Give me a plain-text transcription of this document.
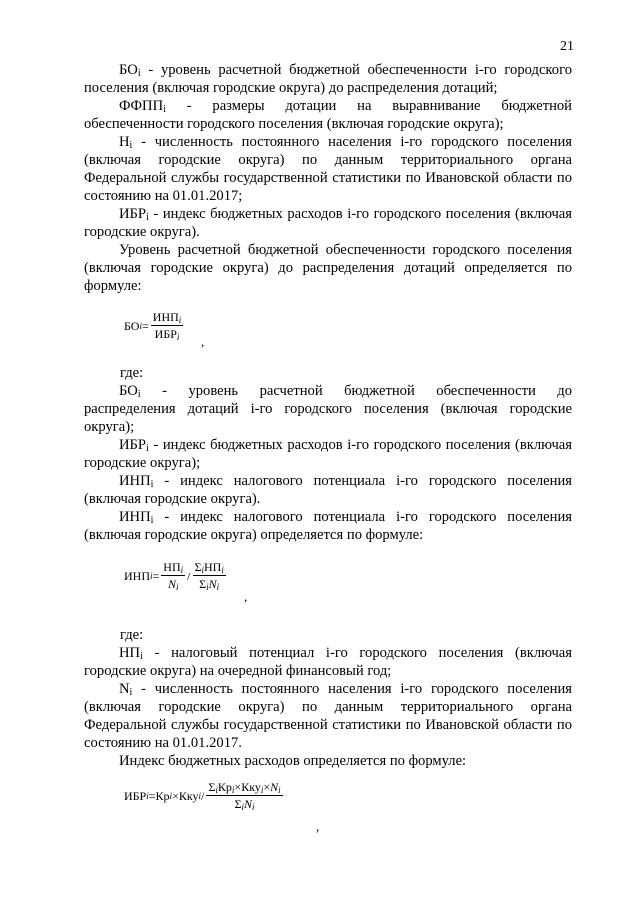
21

$БО_i$ - уровень расчетной бюджетной обеспеченности i-го городского поселения (включая городские округа) до распределения дотаций;

$ФФПП_i$ - размеры дотации на выравнивание бюджетной обеспеченности городского поселения (включая городские округа);

$Н_i$ - численность постоянного населения i-го городского поселения (включая городские округа) по данным территориального органа Федеральной службы государственной статистики по Ивановской области по состоянию на 01.01.2017;

$ИБР_i$ - индекс бюджетных расходов i-го городского поселения (включая городские округа).

Уровень расчетной бюджетной обеспеченности городского поселения (включая городские округа) до распределения дотаций определяется по формуле:

БО $i = \frac{\text{ИНПi}}{\text{ИБРi}}$
,
где:

$БО_i$ - уровень расчетной бюджетной обеспеченности до

распределения дотаций i-го городского поселения (включая городские округа);

$ИБР_i$ - индекс бюджетных расходов i-го городского поселения (включая городские округа);

$ИНП_i$ - индекс налогового потенциала i-го городского поселения (включая городские округа).

$ИНП_i$ - индекс налогового потенциала i-го городского поселения (включая городские округа) определяется по формуле:

ИНП $i = \frac{\text{НПi}}{Ni} / \frac{\text{ΣiНПi}}{\text{ΣiNi}}$
,
где:

$НП_i$ - налоговый потенциал i-го городского поселения (включая городские округа) на очередной финансовый год;

$N_i$ - численность постоянного населения i-го городского поселения (включая городские округа) по данным территориального органа Федеральной службы государственной статистики по Ивановской области по состоянию на 01.01.2017.

Индекс бюджетных расходов определяется по формуле:

ИБР i = Кр i × Кку i / $\frac{\text{ΣiКрi×Ккуi×Ni}}{\text{ΣiNi}}$
,
